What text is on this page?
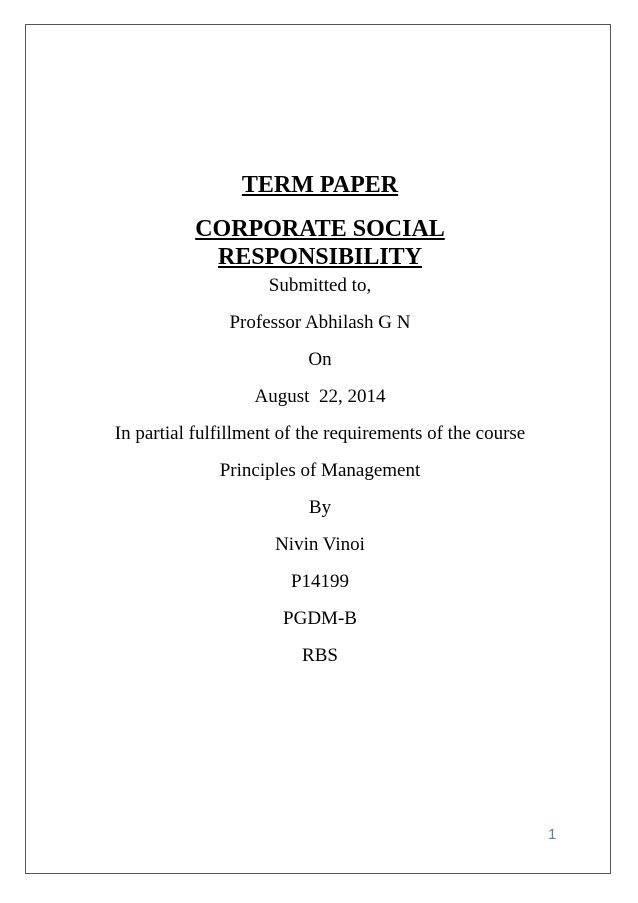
TERM PAPER
CORPORATE SOCIAL
RESPONSIBILITY
Submitted to,
Professor Abhilash G N
On
August  22, 2014
In partial fulfillment of the requirements of the course
Principles of Management
By
Nivin Vinoi
P14199
PGDM-B
RBS
1
